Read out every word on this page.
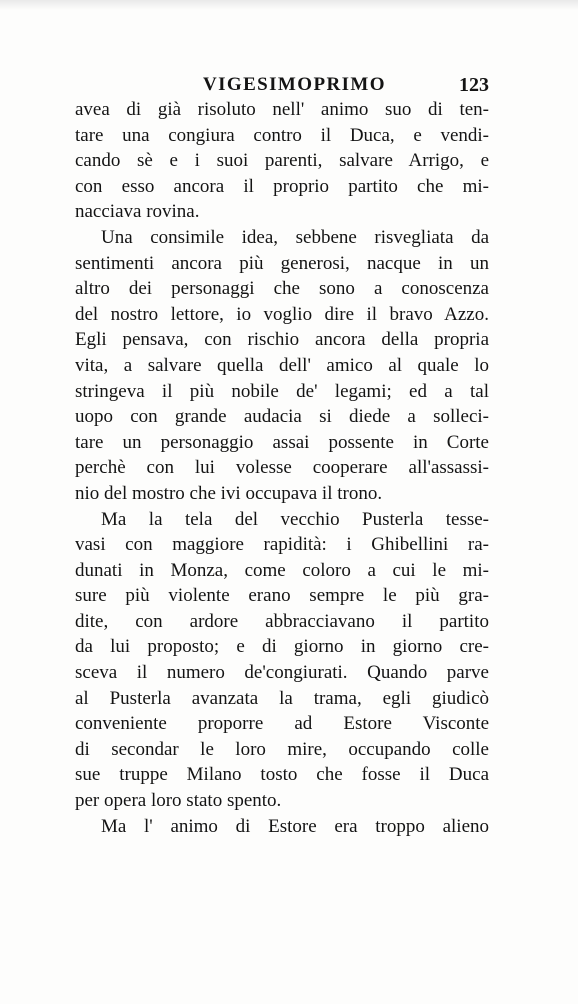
VIGESIMOPRIMO	123
avea di già risoluto nell' animo suo di ten-
tare una congiura contro il Duca, e vendi-
cando sè e i suoi parenti, salvare Arrigo, e
con esso ancora il proprio partito che mi-
nacciava rovina.
Una consimile idea, sebbene risvegliata da
sentimenti ancora più generosi, nacque in un
altro dei personaggi che sono a conoscenza
del nostro lettore, io voglio dire il bravo Azzo.
Egli pensava, con rischio ancora della propria
vita, a salvare quella dell' amico al quale lo
stringeva il più nobile de' legami; ed a tal
uopo con grande audacia si diede a solleci-
tare un personaggio assai possente in Corte
perchè con lui volesse cooperare all'assassi-
nio del mostro che ivi occupava il trono.
Ma la tela del vecchio Pusterla tesse-
vasi con maggiore rapidità: i Ghibellini ra-
dunati in Monza, come coloro a cui le mi-
sure più violente erano sempre le più gra-
dite, con ardore abbracciavano il partito
da lui proposto; e di giorno in giorno cre-
sceva il numero de'congiurati. Quando parve
al Pusterla avanzata la trama, egli giudicò
conveniente proporre ad Estore Visconte
di secondar le loro mire, occupando colle
sue truppe Milano tosto che fosse il Duca
per opera loro stato spento.
Ma l' animo di Estore era troppo alieno
